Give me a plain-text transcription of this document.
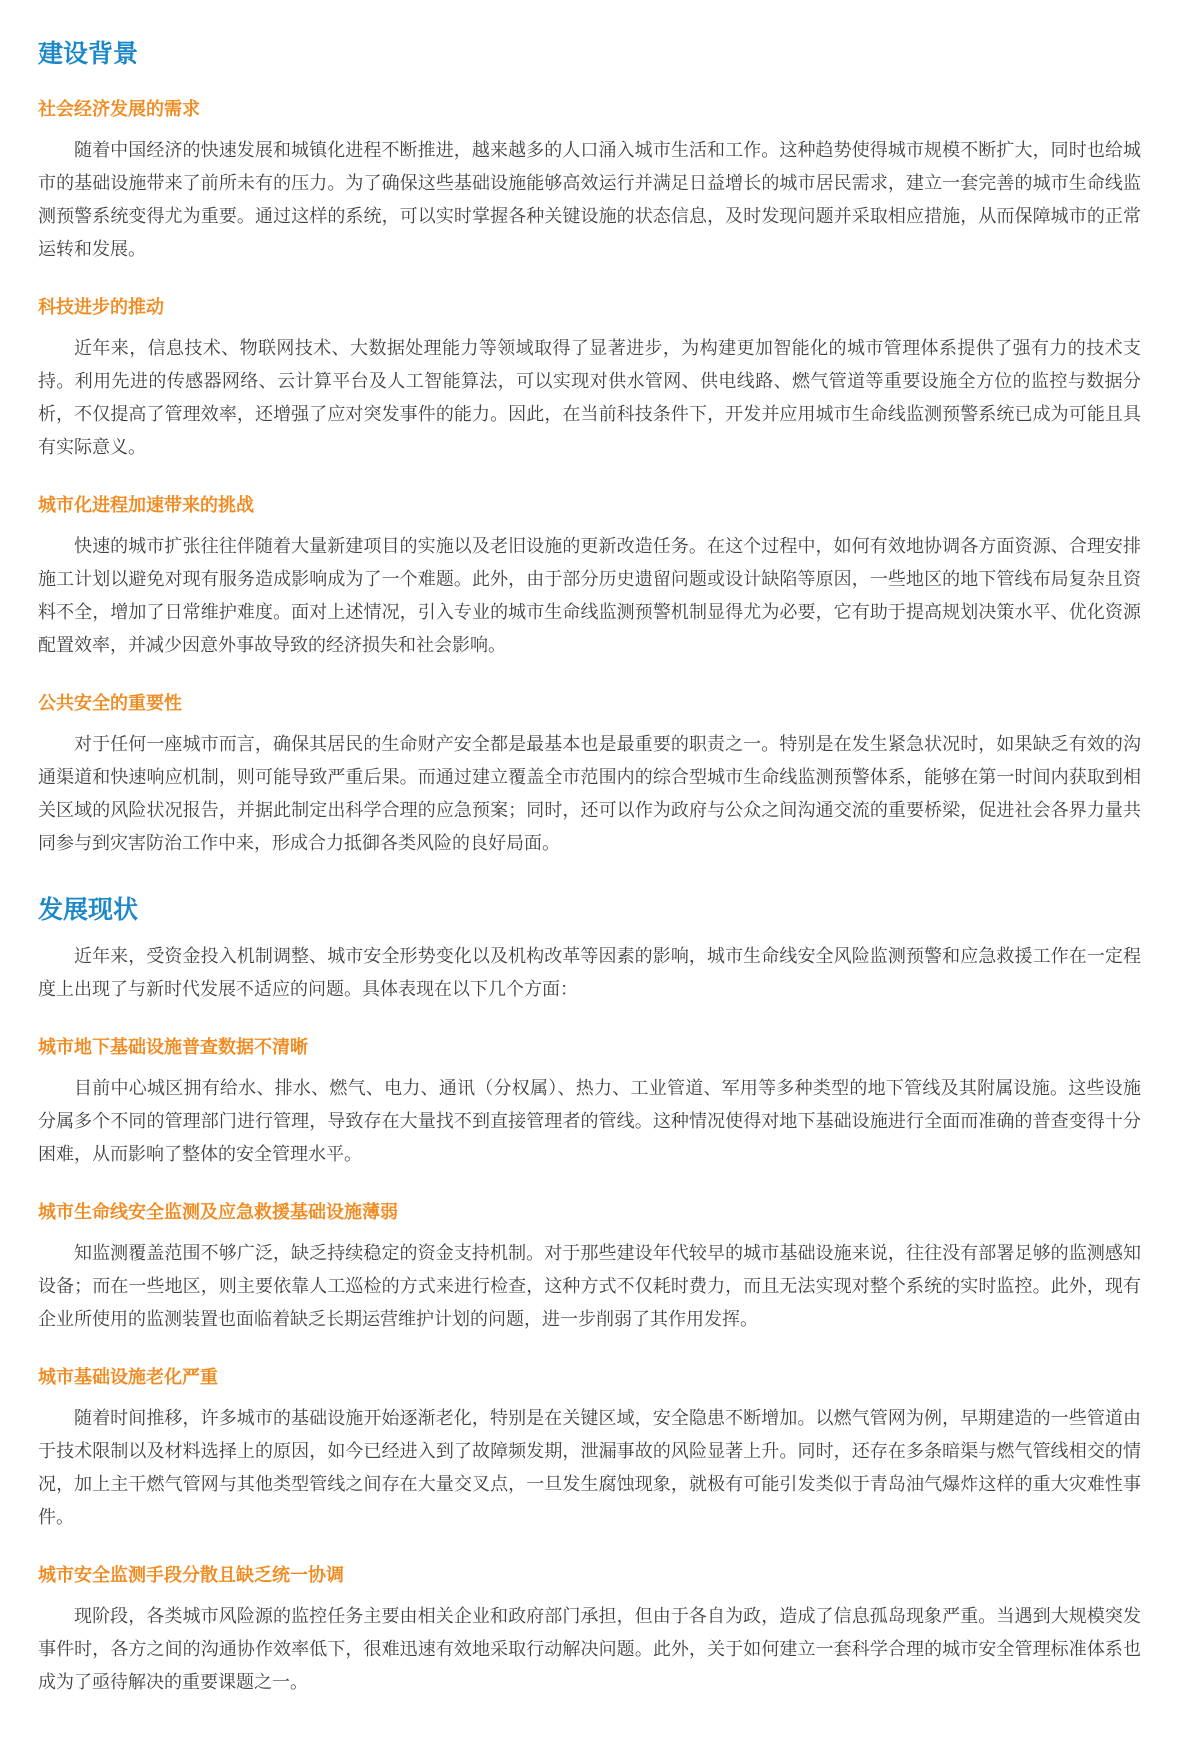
建设背景
社会经济发展的需求

随着中国经济的快速发展和城镇化进程不断推进，越来越多的人口涌入城市生活和工作。这种趋势使得城市规模不断扩大，同时也给城市的基础设施带来了前所未有的压力。为了确保这些基础设施能够高效运行并满足日益增长的城市居民需求，建立一套完善的城市生命线监测预警系统变得尤为重要。通过这样的系统，可以实时掌握各种关键设施的状态信息，及时发现问题并采取相应措施，从而保障城市的正常运转和发展。

科技进步的推动

近年来，信息技术、物联网技术、大数据处理能力等领域取得了显著进步，为构建更加智能化的城市管理体系提供了强有力的技术支持。利用先进的传感器网络、云计算平台及人工智能算法，可以实现对供水管网、供电线路、燃气管道等重要设施全方位的监控与数据分析，不仅提高了管理效率，还增强了应对突发事件的能力。因此，在当前科技条件下，开发并应用城市生命线监测预警系统已成为可能且具有实际意义。

城市化进程加速带来的挑战

快速的城市扩张往往伴随着大量新建项目的实施以及老旧设施的更新改造任务。在这个过程中，如何有效地协调各方面资源、合理安排施工计划以避免对现有服务造成影响成为了一个难题。此外，由于部分历史遗留问题或设计缺陷等原因，一些地区的地下管线布局复杂且资料不全，增加了日常维护难度。面对上述情况，引入专业的城市生命线监测预警机制显得尤为必要，它有助于提高规划决策水平、优化资源配置效率，并减少因意外事故导致的经济损失和社会影响。

公共安全的重要性

对于任何一座城市而言，确保其居民的生命财产安全都是最基本也是最重要的职责之一。特别是在发生紧急状况时，如果缺乏有效的沟通渠道和快速响应机制，则可能导致严重后果。而通过建立覆盖全市范围内的综合型城市生命线监测预警体系，能够在第一时间内获取到相关区域的风险状况报告，并据此制定出科学合理的应急预案；同时，还可以作为政府与公众之间沟通交流的重要桥梁，促进社会各界力量共同参与到灾害防治工作中来，形成合力抵御各类风险的良好局面。

发展现状

近年来，受资金投入机制调整、城市安全形势变化以及机构改革等因素的影响，城市生命线安全风险监测预警和应急救援工作在一定程度上出现了与新时代发展不适应的问题。具体表现在以下几个方面：

城市地下基础设施普查数据不清晰

目前中心城区拥有给水、排水、燃气、电力、通讯（分权属）、热力、工业管道、军用等多种类型的地下管线及其附属设施。这些设施分属多个不同的管理部门进行管理，导致存在大量找不到直接管理者的管线。这种情况使得对地下基础设施进行全面而准确的普查变得十分困难，从而影响了整体的安全管理水平。

城市生命线安全监测及应急救援基础设施薄弱

知监测覆盖范围不够广泛，缺乏持续稳定的资金支持机制。对于那些建设年代较早的城市基础设施来说，往往没有部署足够的监测感知设备；而在一些地区，则主要依靠人工巡检的方式来进行检查，这种方式不仅耗时费力，而且无法实现对整个系统的实时监控。此外，现有企业所使用的监测装置也面临着缺乏长期运营维护计划的问题，进一步削弱了其作用发挥。

城市基础设施老化严重

随着时间推移，许多城市的基础设施开始逐渐老化，特别是在关键区域，安全隐患不断增加。以燃气管网为例，早期建造的一些管道由于技术限制以及材料选择上的原因，如今已经进入到了故障频发期，泄漏事故的风险显著上升。同时，还存在多条暗渠与燃气管线相交的情况，加上主干燃气管网与其他类型管线之间存在大量交叉点，一旦发生腐蚀现象，就极有可能引发类似于青岛油气爆炸这样的重大灾难性事件。

城市安全监测手段分散且缺乏统一协调

现阶段，各类城市风险源的监控任务主要由相关企业和政府部门承担，但由于各自为政，造成了信息孤岛现象严重。当遇到大规模突发事件时，各方之间的沟通协作效率低下，很难迅速有效地采取行动解决问题。此外，关于如何建立一套科学合理的城市安全管理标准体系也成为了亟待解决的重要课题之一。
